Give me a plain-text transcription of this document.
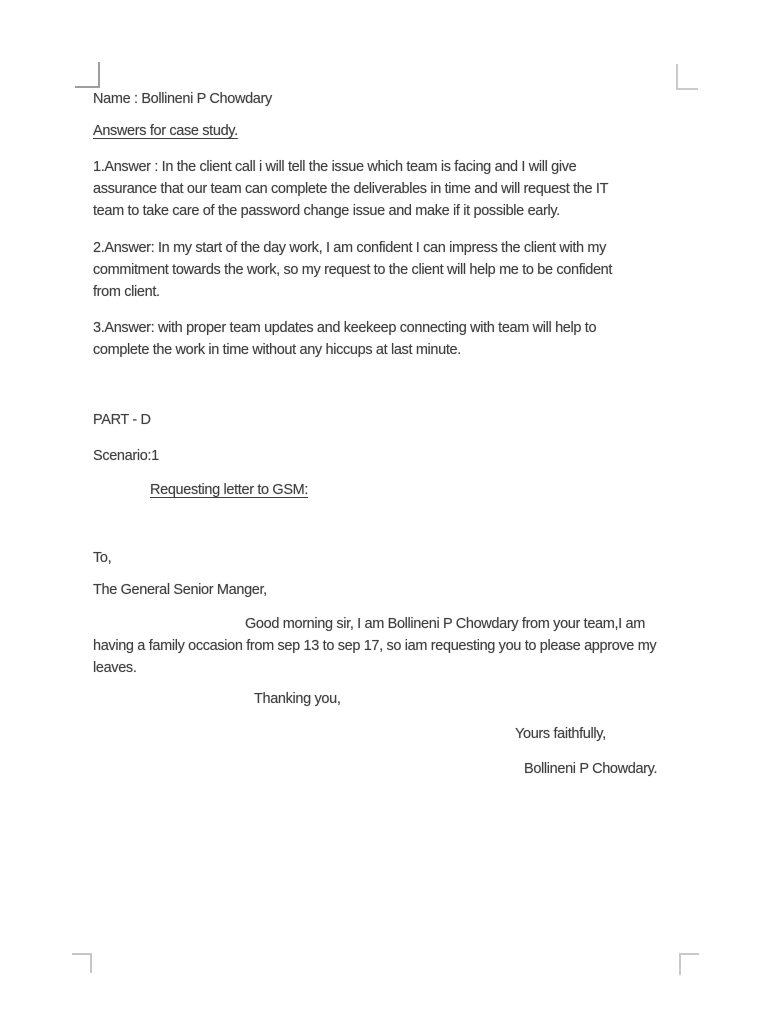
Name : Bollineni P Chowdary
Answers for case study.
1.Answer : In the client call i will tell the issue which team is facing and I will give
assurance that our team can complete the deliverables in time and will request the IT
team to take care of the password change issue and make if it possible early.
2.Answer: In my start of the day work, I am confident I can impress the client with my
commitment towards the work, so my request to the client will help me to be confident
from client.
3.Answer: with proper team updates and keekeep connecting with team will help to
complete the work in time without any hiccups at last minute.
PART - D
Scenario:1
Requesting letter to GSM:
To,
The General Senior Manger,
Good morning sir, I am Bollineni P Chowdary from your team,I am
having a family occasion from sep 13 to sep 17, so iam requesting you to please approve my
leaves.
Thanking you,
Yours faithfully,
Bollineni P Chowdary.
